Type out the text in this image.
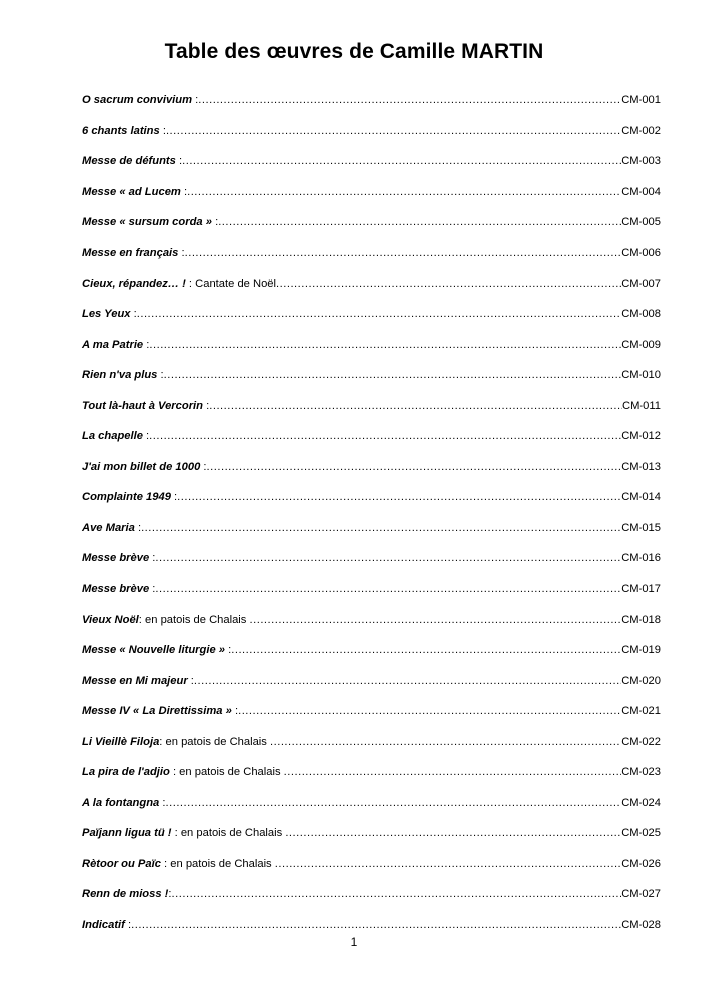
Table des œuvres de Camille MARTIN
O sacrum convivium : .....	CM-001
6 chants latins : .....	CM-002
Messe de défunts : .....	CM-003
Messe « ad Lucem : .....	CM-004
Messe « sursum corda » : .....	CM-005
Messe en français : .....	CM-006
Cieux, répandez… ! : Cantate de Noël .....	CM-007
Les Yeux : .....	CM-008
A ma Patrie : .....	CM-009
Rien n'va plus : .....	CM-010
Tout là-haut à Vercorin : .....	CM-011
La chapelle : .....	CM-012
J'ai mon billet de 1000 : .....	CM-013
Complainte 1949 : .....	CM-014
Ave Maria : .....	CM-015
Messe brève : .....	CM-016
Messe brève : .....	CM-017
Vieux Noël : en patois de Chalais .....	CM-018
Messe « Nouvelle liturgie » : .....	CM-019
Messe en Mi majeur : .....	CM-020
Messe IV « La Direttissima » : .....	CM-021
Li Vieillè Filoja : en patois de Chalais .....	CM-022
La pira de l'adjio : en patois de Chalais .....	CM-023
A la fontangna : .....	CM-024
Païjann ligua tü ! : en patois de Chalais .....	CM-025
Rètoor ou Païc : en patois de Chalais .....	CM-026
Renn de mioss ! : .....	CM-027
Indicatif : .....	CM-028
1
